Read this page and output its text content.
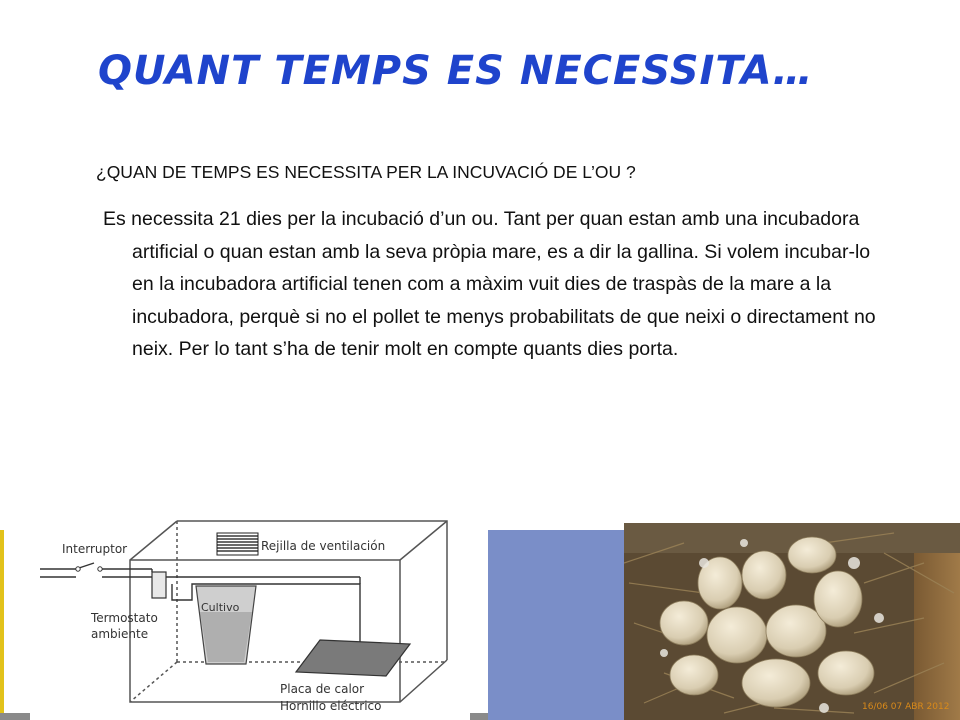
QUANT TEMPS ES NECESSITA…
¿QUAN DE TEMPS ES NECESSITA PER LA INCUVACIÓ DE L’OU ?
Es necessita 21 dies per la incubació d’un ou. Tant per quan estan amb una incubadora artificial o quan estan amb la seva pròpia mare, es a dir la gallina. Si volem incubar-lo en la incubadora artificial tenen com a màxim vuit dies de traspàs de la mare a la incubadora, perquè si no el pollet te menys probabilitats de que neixi o directament no neix. Per lo tant s’ha de tenir molt en compte quants dies porta.
Interruptor	Rejilla de ventilación
Cultivo
Termostato
ambiente
Placa de calor
Hornillo eléctrico	16/06 07 ABR 2012
